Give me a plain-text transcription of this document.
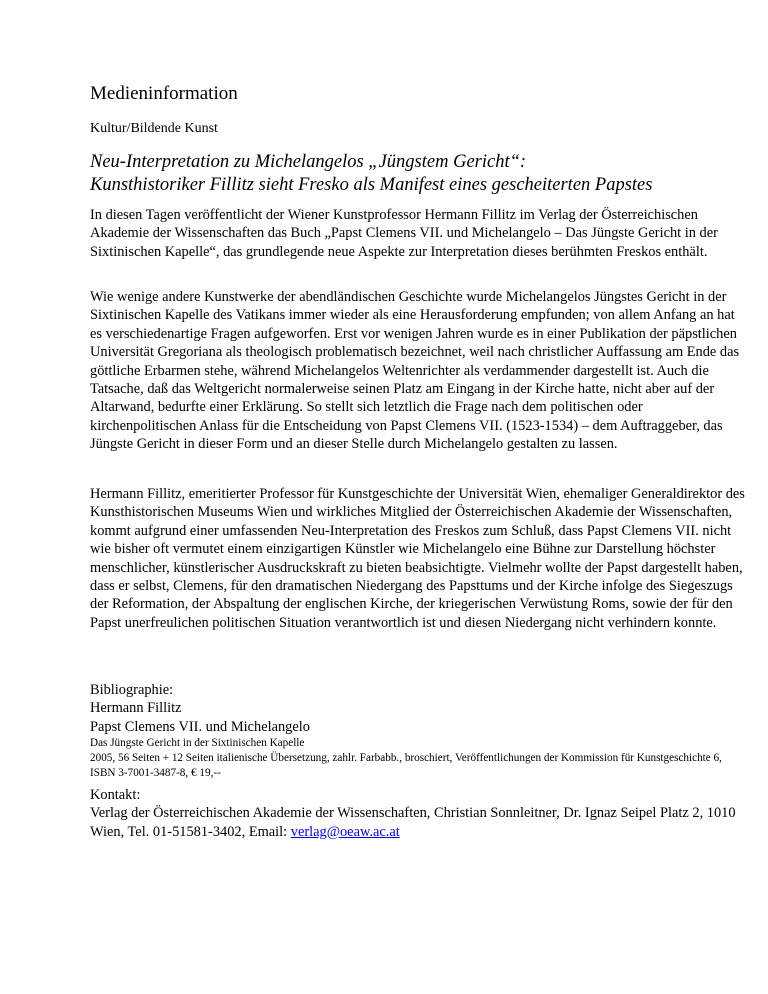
Medieninformation

Kultur/Bildende Kunst

Neu-Interpretation zu Michelangelos „Jüngstem Gericht“:
Kunsthistoriker Fillitz sieht Fresko als Manifest eines gescheiterten Papstes

In diesen Tagen veröffentlicht der Wiener Kunstprofessor Hermann Fillitz im Verlag der Österreichischen Akademie der Wissenschaften das Buch „Papst Clemens VII. und Michelangelo – Das Jüngste Gericht in der Sixtinischen Kapelle“, das grundlegende neue Aspekte zur Interpretation dieses berühmten Freskos enthält.

Wie wenige andere Kunstwerke der abendländischen Geschichte wurde Michelangelos Jüngstes Gericht in der Sixtinischen Kapelle des Vatikans immer wieder als eine Herausforderung empfunden; von allem Anfang an hat es verschiedenartige Fragen aufgeworfen. Erst vor wenigen Jahren wurde es in einer Publikation der päpstlichen Universität Gregoriana als theologisch problematisch bezeichnet, weil nach christlicher Auffassung am Ende das göttliche Erbarmen stehe, während Michelangelos Weltenrichter als verdammender dargestellt ist. Auch die Tatsache, daß das Weltgericht normalerweise seinen Platz am Eingang in der Kirche hatte, nicht aber auf der Altarwand, bedurfte einer Erklärung. So stellt sich letztlich die Frage nach dem politischen oder kirchenpolitischen Anlass für die Entscheidung von Papst Clemens VII. (1523-1534) – dem Auftraggeber, das Jüngste Gericht in dieser Form und an dieser Stelle durch Michelangelo gestalten zu lassen.

Hermann Fillitz, emeritierter Professor für Kunstgeschichte der Universität Wien, ehemaliger Generaldirektor des Kunsthistorischen Museums Wien und wirkliches Mitglied der Österreichischen Akademie der Wissenschaften, kommt aufgrund einer umfassenden Neu-Interpretation des Freskos zum Schluß, dass Papst Clemens VII. nicht wie bisher oft vermutet einem einzigartigen Künstler wie Michelangelo eine Bühne zur Darstellung höchster menschlicher, künstlerischer Ausdruckskraft zu bieten beabsichtigte. Vielmehr wollte der Papst dargestellt haben, dass er selbst, Clemens, für den dramatischen Niedergang des Papsttums und der Kirche infolge des Siegeszugs der Reformation, der Abspaltung der englischen Kirche, der kriegerischen Verwüstung Roms, sowie der für den Papst unerfreulichen politischen Situation verantwortlich ist und diesen Niedergang nicht verhindern konnte.

Bibliographie:
Hermann Fillitz
Papst Clemens VII. und Michelangelo
Das Jüngste Gericht in der Sixtinischen Kapelle
2005, 56 Seiten + 12 Seiten italienische Übersetzung, zahlr. Farbabb., broschiert, Veröffentlichungen der Kommission für Kunstgeschichte 6, ISBN 3-7001-3487-8, € 19,--
Kontakt:
Verlag der Österreichischen Akademie der Wissenschaften, Christian Sonnleitner, Dr. Ignaz Seipel Platz 2, 1010 Wien, Tel. 01-51581-3402, Email: verlag@oeaw.ac.at
